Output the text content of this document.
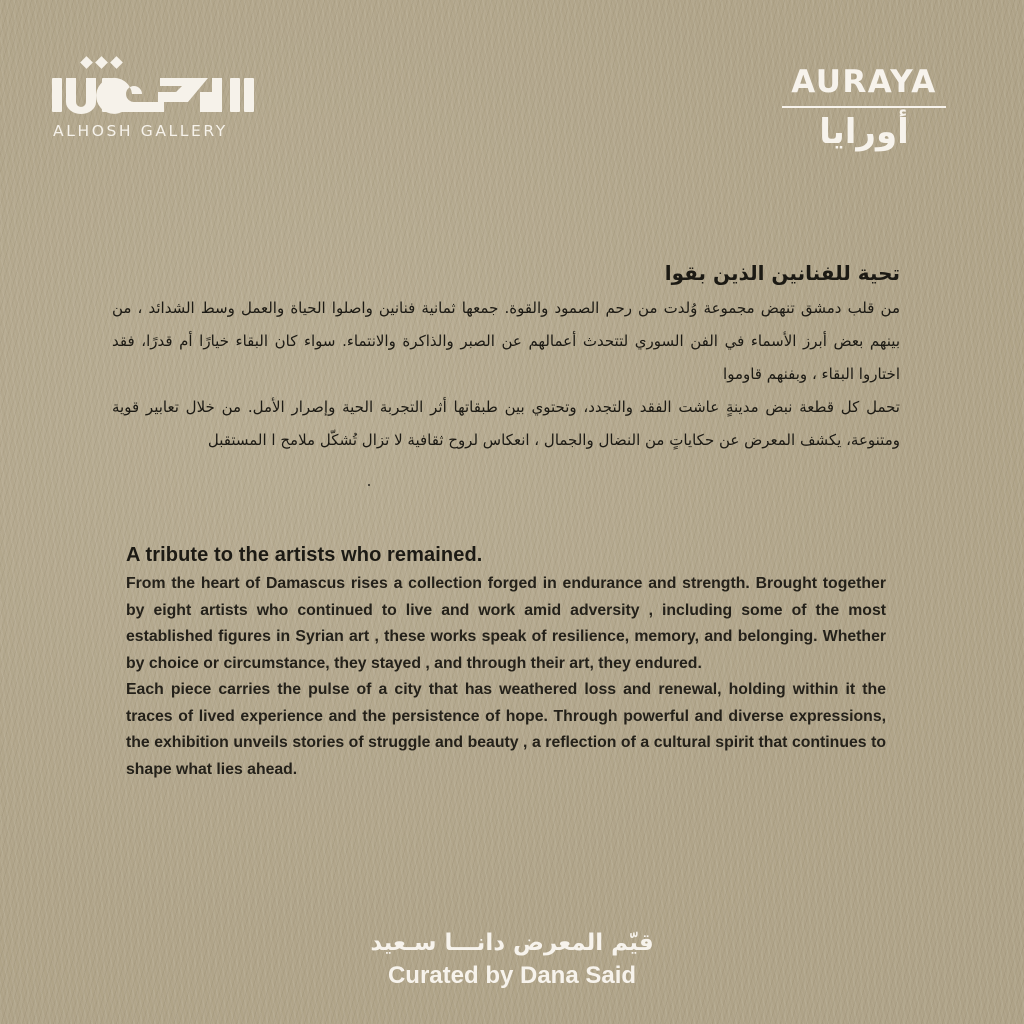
ALHOSH GALLERY
AURAYA
أورايا
تحية للفنانين الذين بقوا

من قلب دمشق تنهض مجموعة وُلدت من رحم الصمود والقوة. جمعها ثمانية فنانين واصلوا الحياة والعمل وسط الشدائد ، من بينهم بعض أبرز الأسماء في الفن السوري لتتحدث أعمالهم عن الصبر والذاكرة والانتماء. سواء كان البقاء خيارًا أم قدرًا، فقد اختاروا البقاء ، وبفنهم قاوموا

تحمل كل قطعة نبض مدينةٍ عاشت الفقد والتجدد، وتحتوي بين طبقاتها أثر التجربة الحية وإصرار الأمل. من خلال تعابير قوية ومتنوعة، يكشف المعرض عن حكاياتٍ من النضال والجمال ، انعكاس لروح ثقافية لا تزال تُشكّل ملامح ا المستقبل

A tribute to the artists who remained.

From the heart of Damascus rises a collection forged in endurance and strength. Brought together by eight artists who continued to live and work amid adversity , including some of the most established figures in Syrian art , these works speak of resilience, memory, and belonging. Whether by choice or circumstance, they stayed , and through their art, they endured.

Each piece carries the pulse of a city that has weathered loss and renewal, holding within it the traces of lived experience and the persistence of hope. Through powerful and diverse expressions, the exhibition unveils stories of struggle and beauty , a reflection of a cultural spirit that continues to shape what lies ahead.

قيّم المعرض دانـــا سـعيد
Curated by Dana Said
